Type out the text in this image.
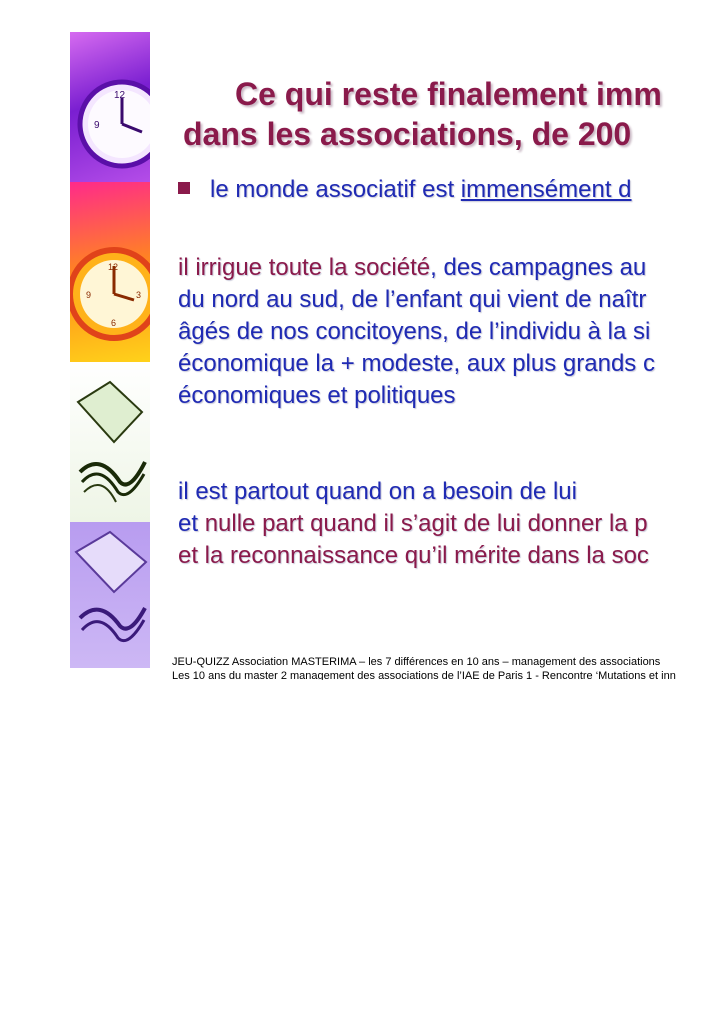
12
9
12
9	3
6
Ce qui reste finalement imm
dans les associations, de 200
le monde associatif est immensément d
il irrigue toute la société, des campagnes au
du nord au sud, de l’enfant qui vient de naîtr
âgés de nos concitoyens, de l’individu à la si
économique la + modeste, aux plus grands c
économiques et politiques
il est partout quand on a besoin de lui
et nulle part quand il s’agit de lui donner la p
et la reconnaissance qu’il mérite dans la soc
JEU-QUIZZ Association MASTERIMA – les 7 différences en 10 ans – management des associations
Les 10 ans du master 2 management des associations de l’IAE de Paris 1 - Rencontre ‘Mutations et inn
